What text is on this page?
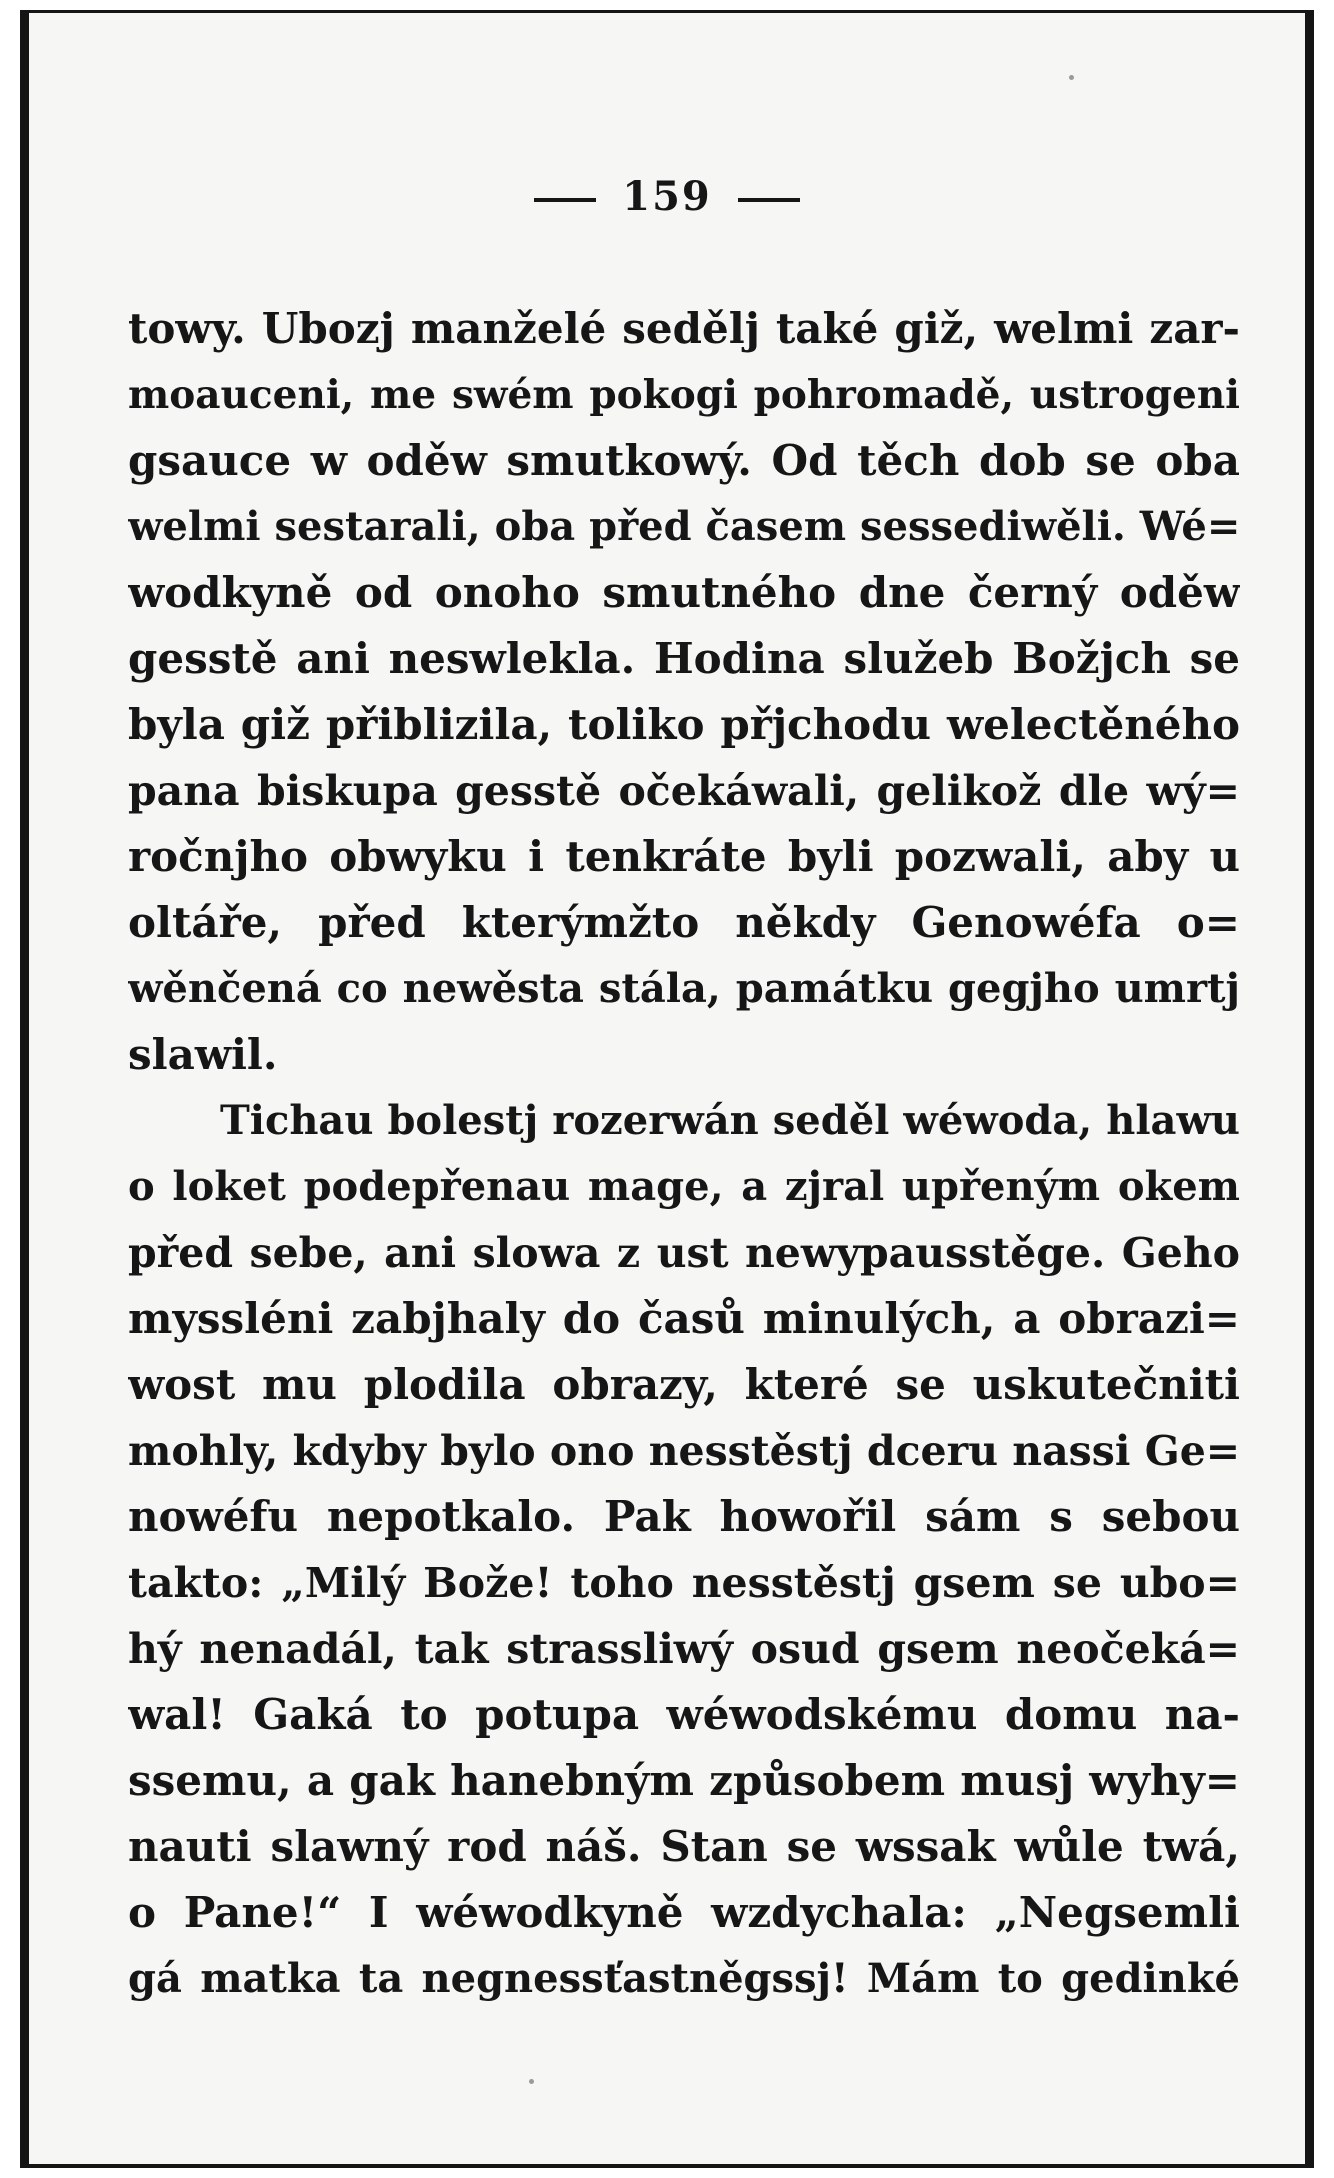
159
towy. Ubozj manželé sedělj také giž, welmi zar-
moauceni, me swém pokogi pohromadě, ustrogeni
gsauce w oděw smutkowý. Od těch dob se oba
welmi sestarali, oba před časem sessediwěli. Wé=
wodkyně od onoho smutného dne černý oděw
gesstě ani neswlekla. Hodina služeb Božjch se
byla giž přiblizila, toliko přjchodu welectěného
pana biskupa gesstě očekáwali, gelikož dle wý=
ročnjho obwyku i tenkráte byli pozwali, aby u
oltáře, před kterýmžto někdy Genowéfa o=
wěnčená co newěsta stála, památku gegjho umrtj
slawil.
Tichau bolestj rozerwán seděl wéwoda, hlawu
o loket podepřenau mage, a zjral upřeným okem
před sebe, ani slowa z ust newypausstěge. Geho
myssléni zabjhaly do časů minulých, a obrazi=
wost mu plodila obrazy, které se uskutečniti
mohly, kdyby bylo ono nesstěstj dceru nassi Ge=
nowéfu nepotkalo. Pak howořil sám s sebou
takto: „Milý Bože! toho nesstěstj gsem se ubo=
hý nenadál, tak strassliwý osud gsem neočeká=
wal! Gaká to potupa wéwodskému domu na-
ssemu, a gak hanebným způsobem musj wyhy=
nauti slawný rod náš. Stan se wssak wůle twá,
o Pane!“ I wéwodkyně wzdychala: „Negsemli
gá matka ta negnessťastněgssj! Mám to gedinké
